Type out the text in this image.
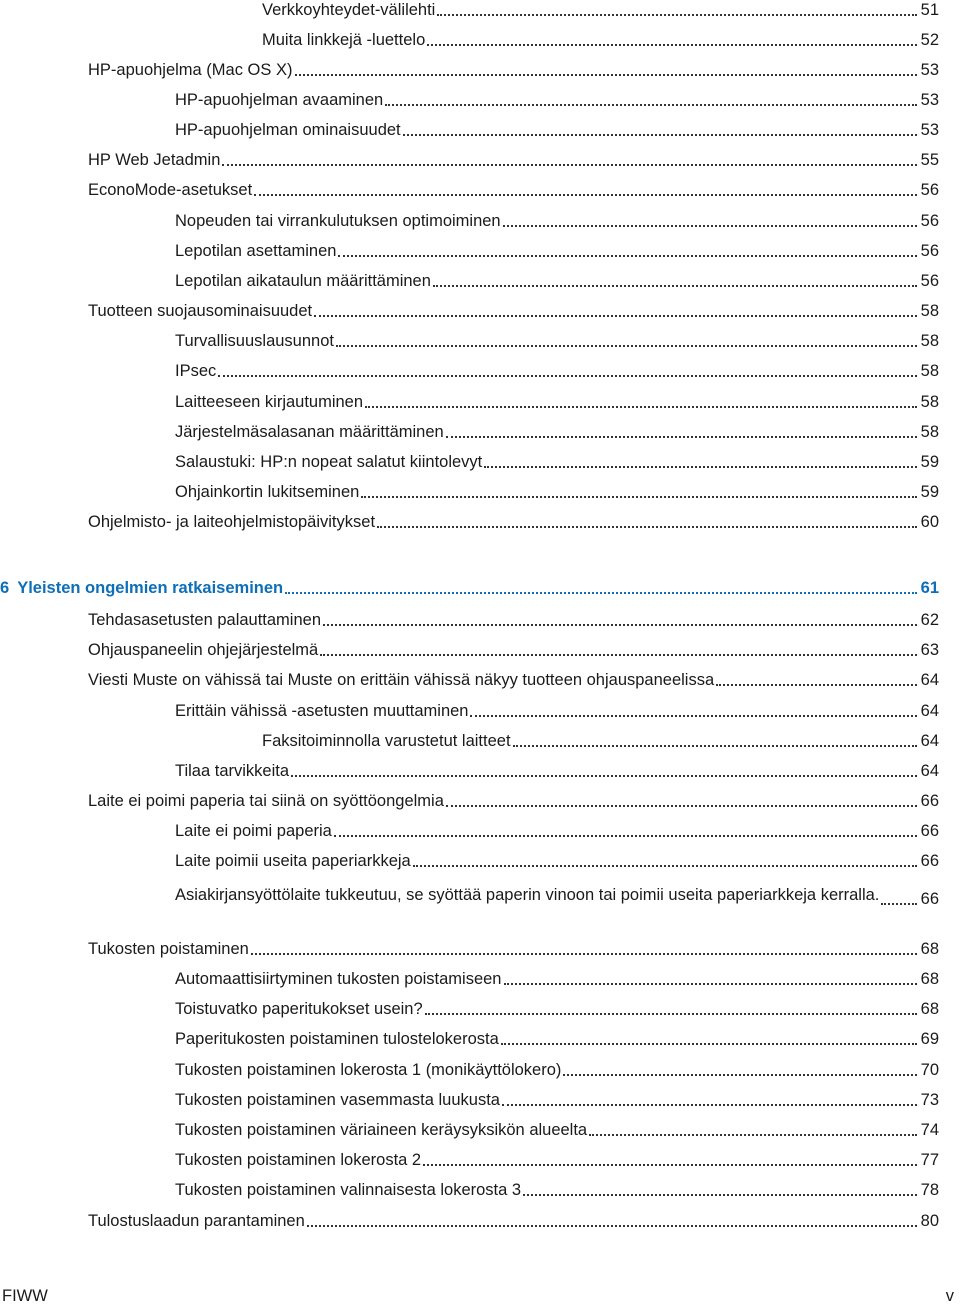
Verkkoyhteydet-välilehti	51
Muita linkkejä -luettelo	52
HP-apuohjelma (Mac OS X)	53
HP-apuohjelman avaaminen	53
HP-apuohjelman ominaisuudet	53
HP Web Jetadmin	55
EconoMode-asetukset	56
Nopeuden tai virrankulutuksen optimoiminen	56
Lepotilan asettaminen	56
Lepotilan aikataulun määrittäminen	56
Tuotteen suojausominaisuudet	58
Turvallisuuslausunnot	58
IPsec	58
Laitteeseen kirjautuminen	58
Järjestelmäsalasanan määrittäminen	58
Salaustuki: HP:n nopeat salatut kiintolevyt	59
Ohjainkortin lukitseminen	59
Ohjelmisto- ja laiteohjelmistopäivitykset	60
6 Yleisten ongelmien ratkaiseminen	61
Tehdasasetusten palauttaminen	62
Ohjauspaneelin ohjejärjestelmä	63
Viesti Muste on vähissä tai Muste on erittäin vähissä näkyy tuotteen ohjauspaneelissa	64
Erittäin vähissä -asetusten muuttaminen	64
Faksitoiminnolla varustetut laitteet	64
Tilaa tarvikkeita	64
Laite ei poimi paperia tai siinä on syöttöongelmia	66
Laite ei poimi paperia	66
Laite poimii useita paperiarkkeja	66
Asiakirjansyöttölaite tukkeutuu, se syöttää paperin vinoon tai poimii useita paperiarkkeja kerralla.	66
Tukosten poistaminen	68
Automaattisiirtyminen tukosten poistamiseen	68
Toistuvatko paperitukokset usein?	68
Paperitukosten poistaminen tulostelokerosta	69
Tukosten poistaminen lokerosta 1 (monikäyttölokero)	70
Tukosten poistaminen vasemmasta luukusta	73
Tukosten poistaminen väriaineen keräysyksikön alueelta	74
Tukosten poistaminen lokerosta 2	77
Tukosten poistaminen valinnaisesta lokerosta 3	78
Tulostuslaadun parantaminen	80
FIWW	v
